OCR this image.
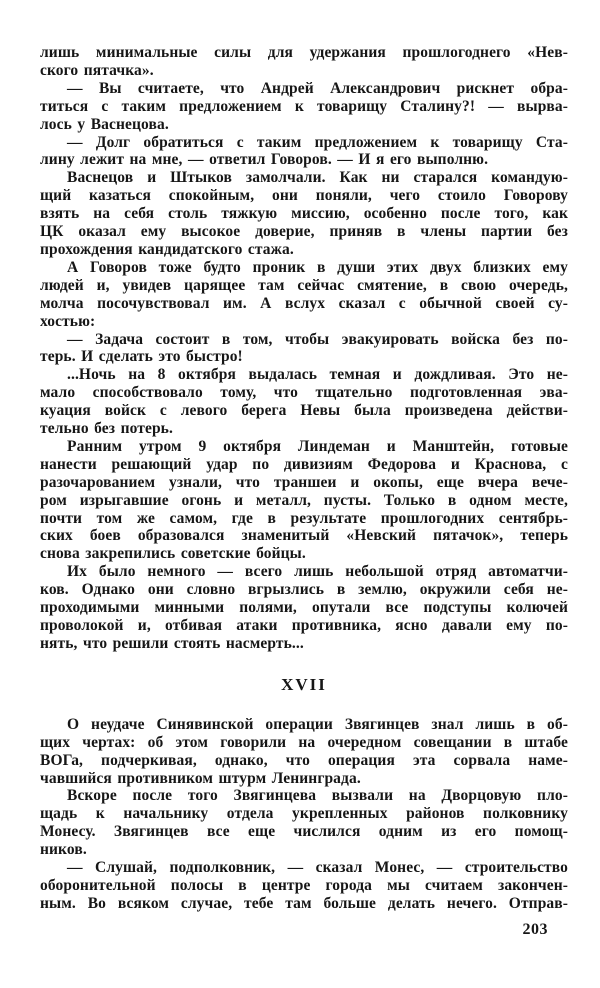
лишь минимальные силы для удержания прошлогоднего «Нев-
ского пятачка».
— Вы считаете, что Андрей Александрович рискнет обра-
титься с таким предложением к товарищу Сталину?! — вырва-
лось у Васнецова.
— Долг обратиться с таким предложением к товарищу Ста-
лину лежит на мне, — ответил Говоров. — И я его выполню.
Васнецов и Штыков замолчали. Как ни старался командую-
щий казаться спокойным, они поняли, чего стоило Говорову
взять на себя столь тяжкую миссию, особенно после того, как
ЦК оказал ему высокое доверие, приняв в члены партии без
прохождения кандидатского стажа.
А Говоров тоже будто проник в души этих двух близких ему
людей и, увидев царящее там сейчас смятение, в свою очередь,
молча посочувствовал им. А вслух сказал с обычной своей су-
хостью:
— Задача состоит в том, чтобы эвакуировать войска без по-
терь. И сделать это быстро!
...Ночь на 8 октября выдалась темная и дождливая. Это не-
мало способствовало тому, что тщательно подготовленная эва-
куация войск с левого берега Невы была произведена действи-
тельно без потерь.
Ранним утром 9 октября Линдеман и Манштейн, готовые
нанести решающий удар по дивизиям Федорова и Краснова, с
разочарованием узнали, что траншеи и окопы, еще вчера вече-
ром изрыгавшие огонь и металл, пусты. Только в одном месте,
почти том же самом, где в результате прошлогодних сентябрь-
ских боев образовался знаменитый «Невский пятачок», теперь
снова закрепились советские бойцы.
Их было немного — всего лишь небольшой отряд автоматчи-
ков. Однако они словно вгрызлись в землю, окружили себя не-
проходимыми минными полями, опутали все подступы колючей
проволокой и, отбивая атаки противника, ясно давали ему по-
нять, что решили стоять насмерть...
XVII
О неудаче Синявинской операции Звягинцев знал лишь в об-
щих чертах: об этом говорили на очередном совещании в штабе
ВОГа, подчеркивая, однако, что операция эта сорвала наме-
чавшийся противником штурм Ленинграда.
Вскоре после того Звягинцева вызвали на Дворцовую пло-
щадь к начальнику отдела укрепленных районов полковнику
Монесу. Звягинцев все еще числился одним из его помощ-
ников.
— Слушай, подполковник, — сказал Монес, — строительство
оборонительной полосы в центре города мы считаем закончен-
ным. Во всяком случае, тебе там больше делать нечего. Отправ-
203
